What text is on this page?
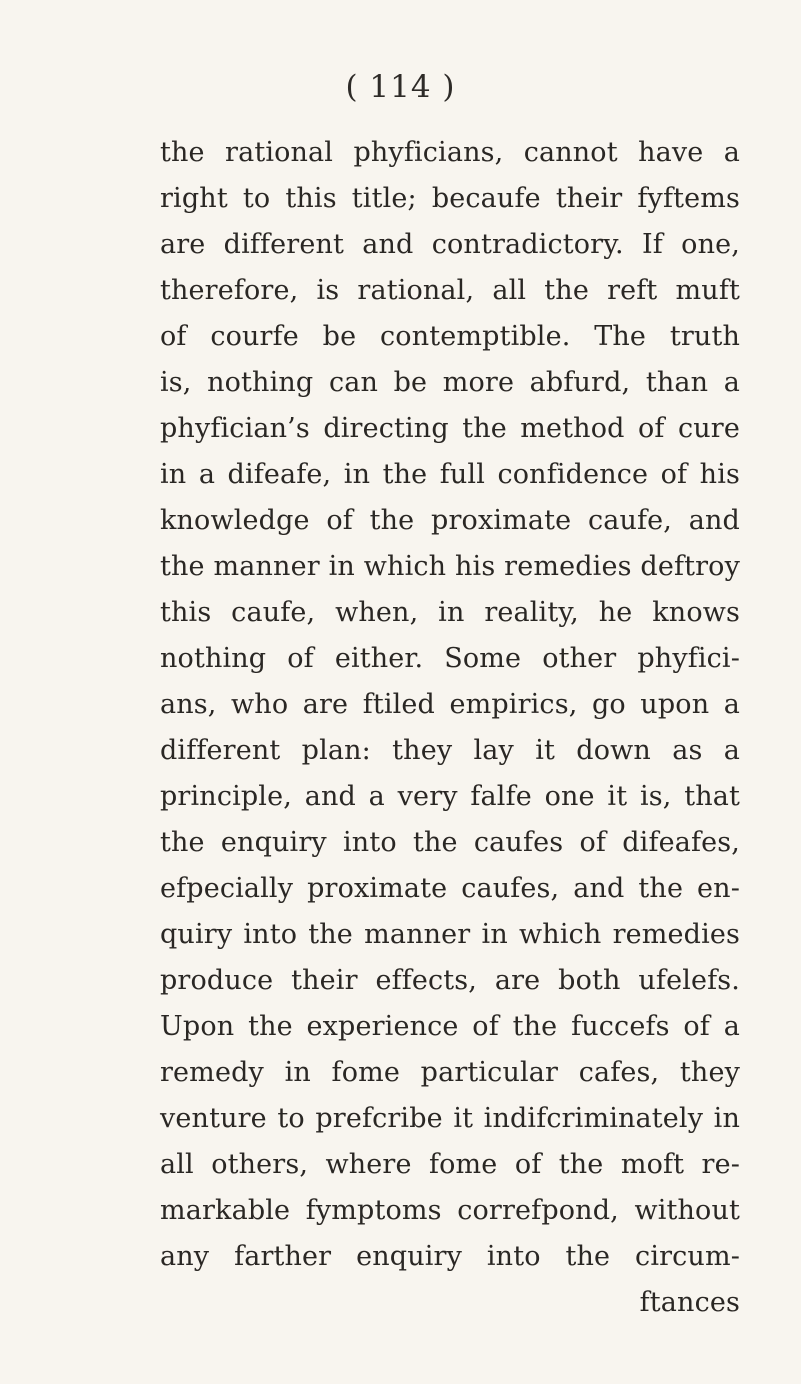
( 114 )
the rational phyficians, cannot have a
right to this title; becaufe their fyftems
are different and contradictory. If one,
therefore, is rational, all the reft muft
of courfe be contemptible. The truth
is, nothing can be more abfurd, than a
phyfician’s directing the method of cure
in a difeafe, in the full confidence of his
knowledge of the proximate caufe, and
the manner in which his remedies deftroy
this caufe, when, in reality, he knows
nothing of either. Some other phyfici-
ans, who are ftiled empirics, go upon a
different plan: they lay it down as a
principle, and a very falfe one it is, that
the enquiry into the caufes of difeafes,
efpecially proximate caufes, and the en-
quiry into the manner in which remedies
produce their effects, are both ufelefs.
Upon the experience of the fuccefs of a
remedy in fome particular cafes, they
venture to prefcribe it indifcriminately in
all others, where fome of the moft re-
markable fymptoms correfpond, without
any farther enquiry into the circum-
ftances
